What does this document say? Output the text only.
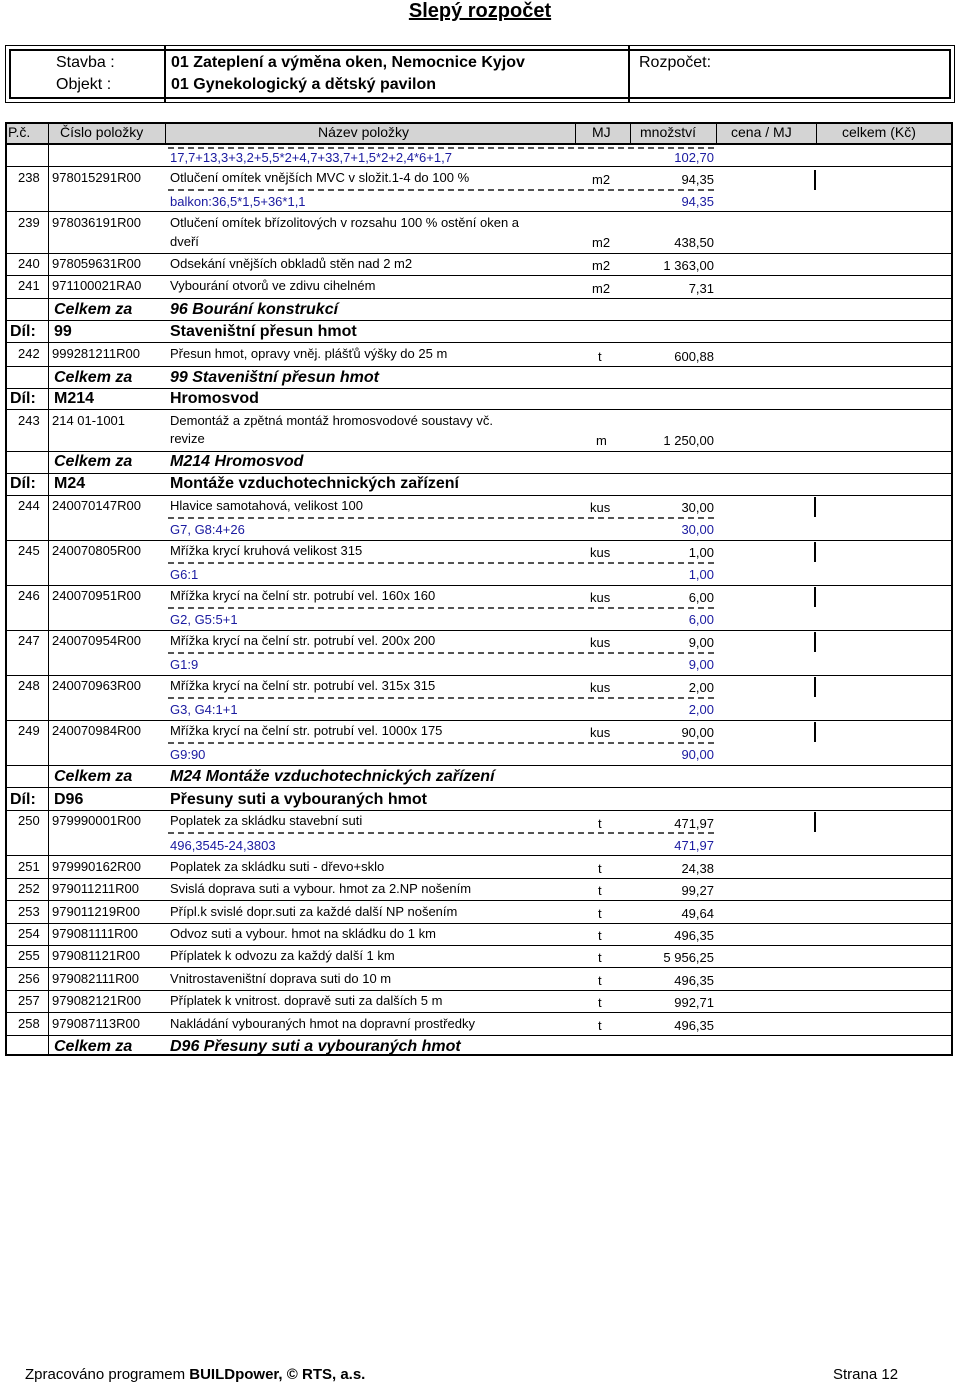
Slepý rozpočet
Stavba :
Objekt :
01 Zateplení a výměna oken, Nemocnice Kyjov
01 Gynekologický a dětský pavilon
Rozpočet:
P.č. Číslo položky	Název položky	MJ množství cena / MJ	celkem (Kč)
17,7+13,3+3,2+5,5*2+4,7+33,7+1,5*2+2,4*6+1,7	102,70
238 978015291R00 Otlučení omítek vnějších MVC v složit.1-4 do 100 %	m2	94,35
balkon:36,5*1,5+36*1,1	94,35
239 978036191R00 Otlučení omítek břízolitových v rozsahu 100 % ostění oken a
dveří	m2	438,50
240 978059631R00 Odsekání vnějších obkladů stěn nad 2 m2	m2	1 363,00
241 971100021RA0 Vybourání otvorů ve zdivu cihelném	m2	7,31
Celkem za 96 Bourání konstrukcí
Díl: 99	Staveništní přesun hmot
242 999281211R00 Přesun hmot, opravy vněj. plášťů výšky do 25 m	t	600,88
Celkem za 99 Staveništní přesun hmot
Díl: M214	Hromosvod
243 214 01-1001	Demontáž a zpětná montáž hromosvodové soustavy vč.
revize	m	1 250,00
Celkem za M214 Hromosvod
Díl: M24	Montáže vzduchotechnických zařízení
244 240070147R00 Hlavice samotahová, velikost 100	kus	30,00
G7, G8:4+26	30,00
245 240070805R00 Mřížka krycí kruhová velikost 315	kus	1,00
G6:1	1,00
246 240070951R00 Mřížka krycí na čelní str. potrubí vel. 160x 160	kus	6,00
G2, G5:5+1	6,00
247 240070954R00 Mřížka krycí na čelní str. potrubí vel. 200x 200	kus	9,00
G1:9	9,00
248 240070963R00 Mřížka krycí na čelní str. potrubí vel. 315x 315	kus	2,00
G3, G4:1+1	2,00
249 240070984R00 Mřížka krycí na čelní str. potrubí vel. 1000x 175	kus	90,00
G9:90	90,00
Celkem za M24 Montáže vzduchotechnických zařízení
Díl: D96	Přesuny suti a vybouraných hmot
250 979990001R00 Poplatek za skládku stavební suti	t	471,97
496,3545-24,3803	471,97
251 979990162R00 Poplatek za skládku suti - dřevo+sklo	t	24,38
252 979011211R00 Svislá doprava suti a vybour. hmot za 2.NP nošením	t	99,27
253 979011219R00 Přípl.k svislé dopr.suti za každé další NP nošením	t	49,64
254 979081111R00 Odvoz suti a vybour. hmot na skládku do 1 km	t	496,35
255 979081121R00 Příplatek k odvozu za každý další 1 km	t	5 956,25
256 979082111R00 Vnitrostaveništní doprava suti do 10 m	t	496,35
257 979082121R00 Příplatek k vnitrost. dopravě suti za dalších 5 m	t	992,71
258 979087113R00 Nakládání vybouraných hmot na dopravní prostředky	t	496,35
Celkem za D96 Přesuny suti a vybouraných hmot
Zpracováno programem BUILDpower, © RTS, a.s.	Strana 12
